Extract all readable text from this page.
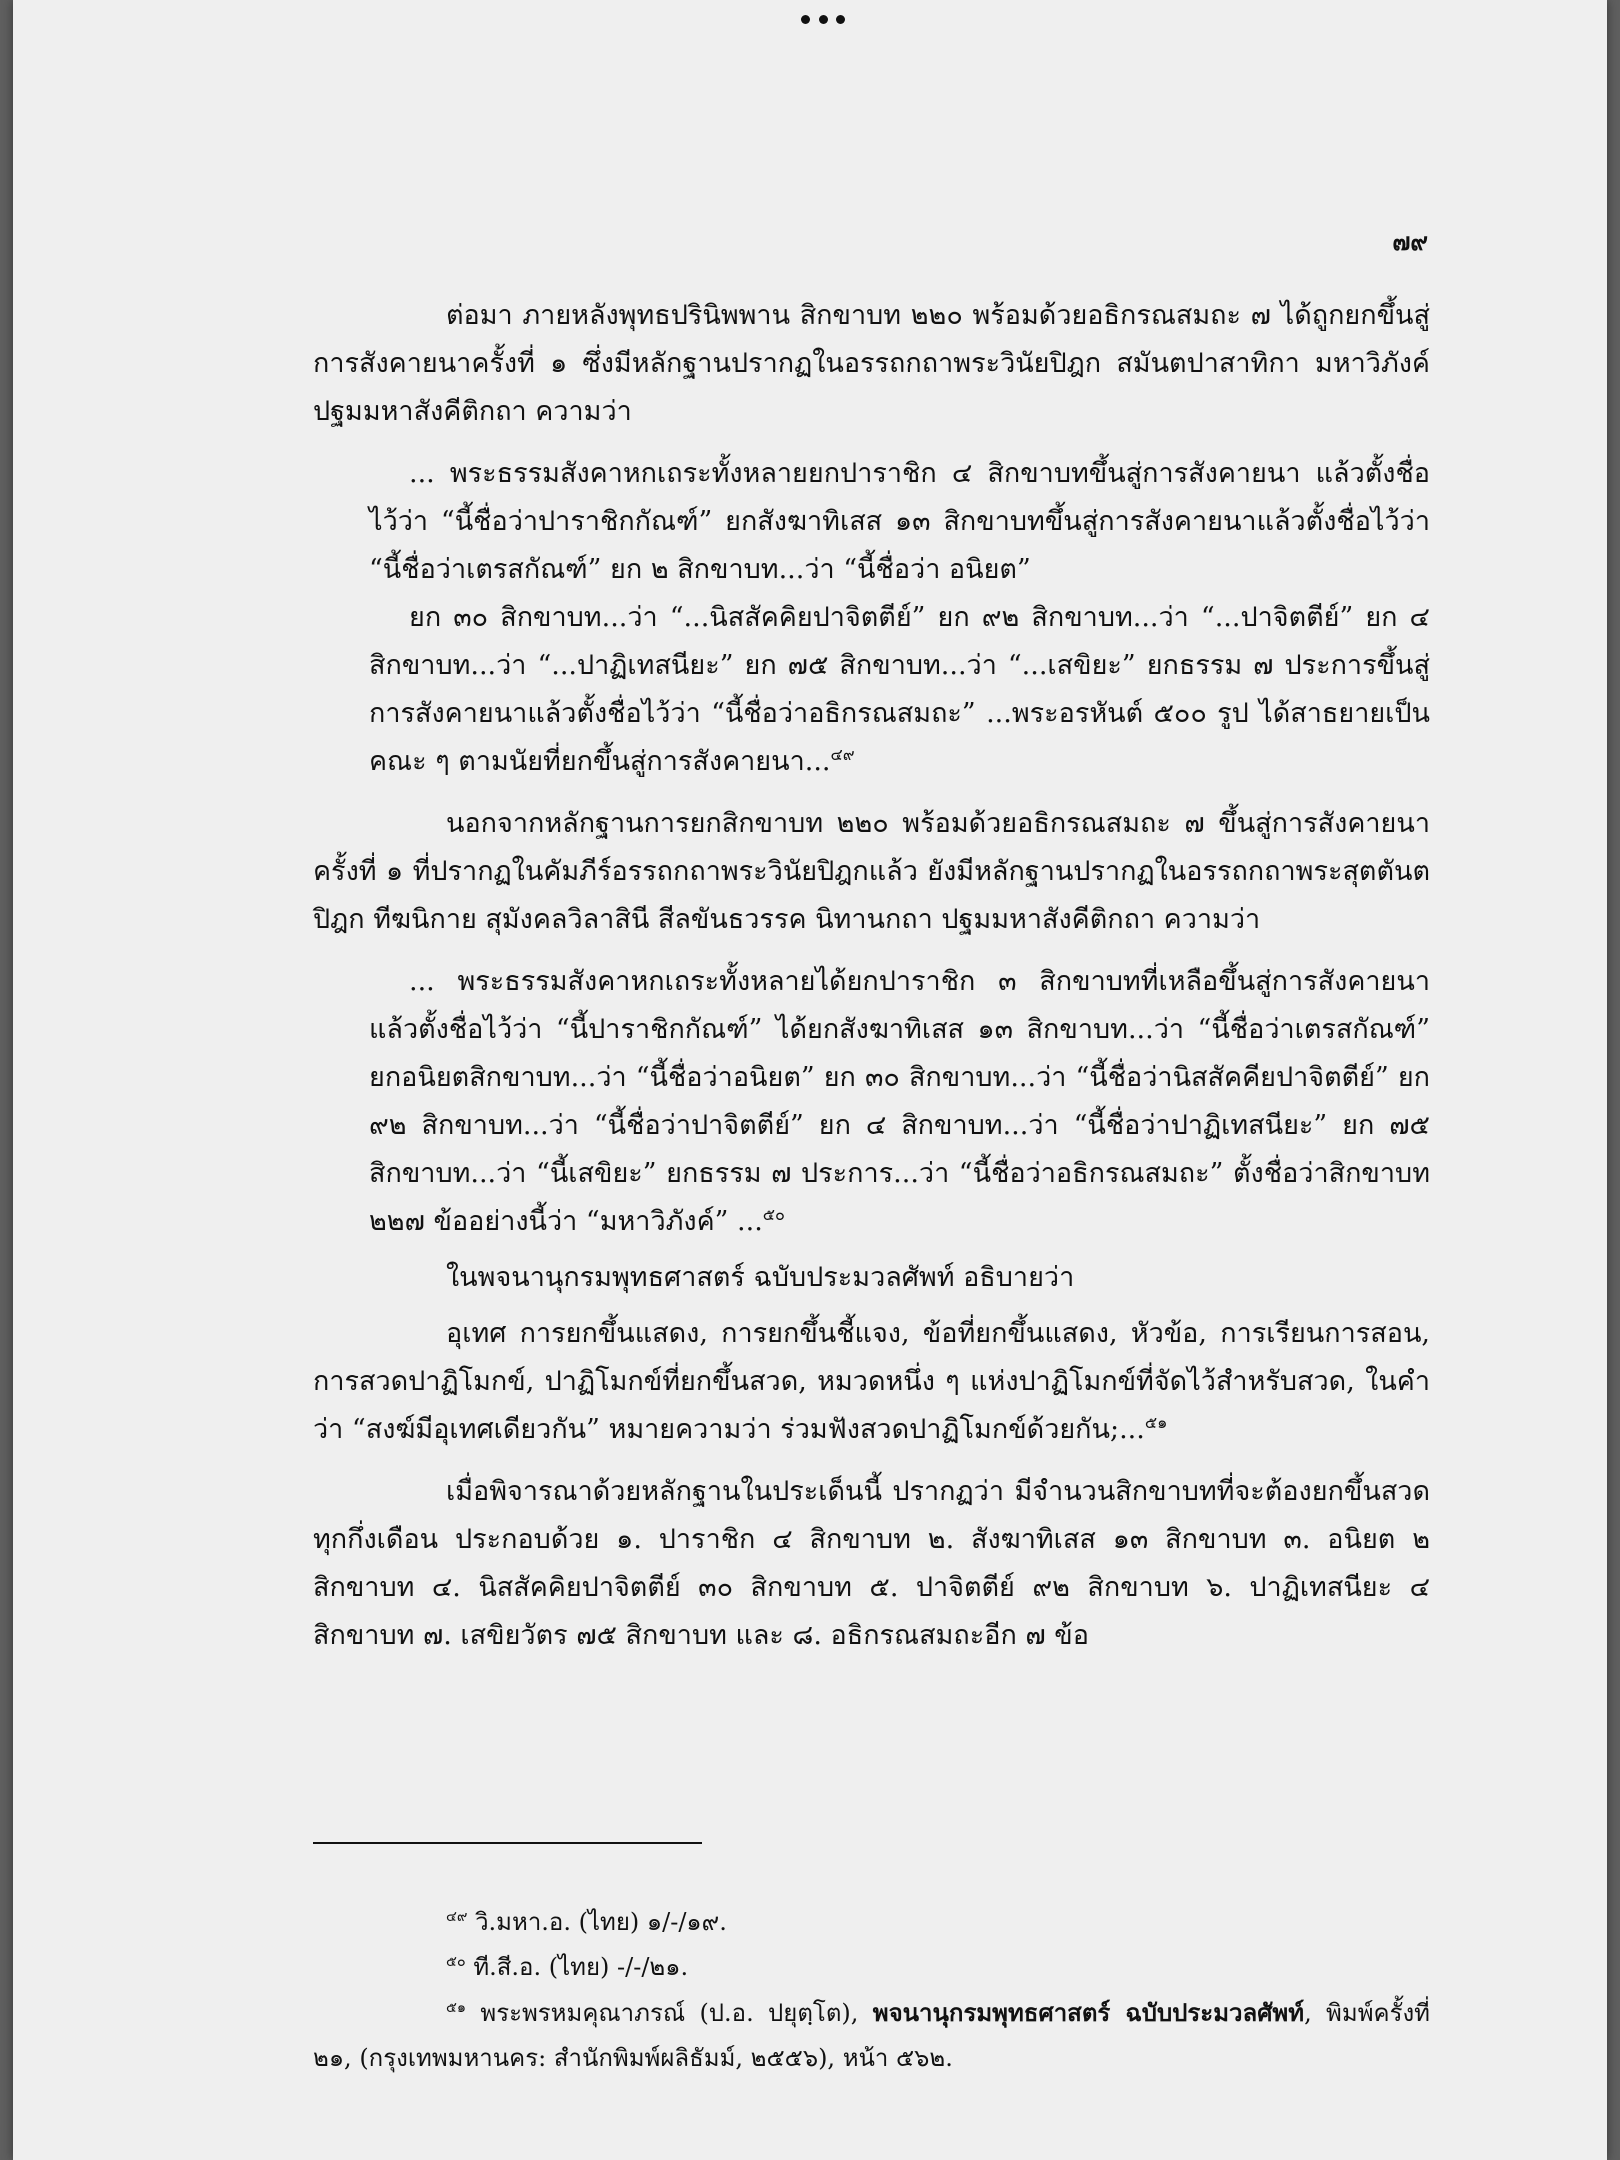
๗๙

ต่อมา ภายหลังพุทธปรินิพพาน สิกขาบท ๒๒๐ พร้อมด้วยอธิกรณสมถะ ๗ ได้ถูกยกขึ้นสู่การสังคายนาครั้งที่ ๑ ซึ่งมีหลักฐานปรากฏในอรรถกถาพระวินัยปิฎก สมันตปาสาทิกา มหาวิภังค์ ปฐมมหาสังคีติกถา ความว่า

... พระธรรมสังคาหกเถระทั้งหลายยกปาราชิก ๔ สิกขาบทขึ้นสู่การสังคายนา แล้วตั้งชื่อไว้ว่า “นี้ชื่อว่าปาราชิกกัณฑ์” ยกสังฆาทิเสส ๑๓ สิกขาบทขึ้นสู่การสังคายนาแล้วตั้งชื่อไว้ว่า “นี้ชื่อว่าเตรสกัณฑ์” ยก ๒ สิกขาบท...ว่า “นี้ชื่อว่า อนิยต”

ยก ๓๐ สิกขาบท...ว่า “...นิสสัคคิยปาจิตตีย์” ยก ๙๒ สิกขาบท...ว่า “...ปาจิตตีย์” ยก ๔ สิกขาบท...ว่า “...ปาฏิเทสนียะ” ยก ๗๕ สิกขาบท...ว่า “...เสขิยะ” ยกธรรม ๗ ประการขึ้นสู่การสังคายนาแล้วตั้งชื่อไว้ว่า “นี้ชื่อว่าอธิกรณสมถะ” ...พระอรหันต์ ๕๐๐ รูป ได้สาธยายเป็นคณะ ๆ ตามนัยที่ยกขึ้นสู่การสังคายนา...$^{๔๙}$

นอกจากหลักฐานการยกสิกขาบท ๒๒๐ พร้อมด้วยอธิกรณสมถะ ๗ ขึ้นสู่การสังคายนาครั้งที่ ๑ ที่ปรากฏในคัมภีร์อรรถกถาพระวินัยปิฎกแล้ว ยังมีหลักฐานปรากฏในอรรถกถาพระสุตตันตปิฎก ทีฆนิกาย สุมังคลวิลาสินี สีลขันธวรรค นิทานกถา ปฐมมหาสังคีติกถา ความว่า

... พระธรรมสังคาหกเถระทั้งหลายได้ยกปาราชิก ๓ สิกขาบทที่เหลือขึ้นสู่การสังคายนาแล้วตั้งชื่อไว้ว่า “นี้ปาราชิกกัณฑ์” ได้ยกสังฆาทิเสส ๑๓ สิกขาบท...ว่า “นี้ชื่อว่าเตรสกัณฑ์” ยกอนิยตสิกขาบท...ว่า “นี้ชื่อว่าอนิยต” ยก ๓๐ สิกขาบท...ว่า “นี้ชื่อว่านิสสัคคียปาจิตตีย์” ยก ๙๒ สิกขาบท...ว่า “นี้ชื่อว่าปาจิตตีย์” ยก ๔ สิกขาบท...ว่า “นี้ชื่อว่าปาฏิเทสนียะ” ยก ๗๕ สิกขาบท...ว่า “นี้เสขิยะ” ยกธรรม ๗ ประการ...ว่า “นี้ชื่อว่าอธิกรณสมถะ” ตั้งชื่อว่าสิกขาบท ๒๒๗ ข้ออย่างนี้ว่า “มหาวิภังค์” ...$^{๕๐}$

ในพจนานุกรมพุทธศาสตร์ ฉบับประมวลศัพท์ อธิบายว่า

อุเทศ การยกขึ้นแสดง, การยกขึ้นชี้แจง, ข้อที่ยกขึ้นแสดง, หัวข้อ, การเรียนการสอน, การสวดปาฏิโมกข์, ปาฏิโมกข์ที่ยกขึ้นสวด, หมวดหนึ่ง ๆ แห่งปาฏิโมกข์ที่จัดไว้สำหรับสวด, ในคำว่า “สงฆ์มีอุเทศเดียวกัน” หมายความว่า ร่วมฟังสวดปาฏิโมกข์ด้วยกัน;...$^{๕๑}$

เมื่อพิจารณาด้วยหลักฐานในประเด็นนี้ ปรากฏว่า มีจำนวนสิกขาบทที่จะต้องยกขึ้นสวดทุกกึ่งเดือน ประกอบด้วย ๑. ปาราชิก ๔ สิกขาบท ๒. สังฆาทิเสส ๑๓ สิกขาบท ๓. อนิยต ๒ สิกขาบท ๔. นิสสัคคิยปาจิตตีย์ ๓๐ สิกขาบท ๕. ปาจิตตีย์ ๙๒ สิกขาบท ๖. ปาฏิเทสนียะ ๔ สิกขาบท ๗. เสขิยวัตร ๗๕ สิกขาบท และ ๘. อธิกรณสมถะอีก ๗ ข้อ

$^{๔๙}$ วิ.มหา.อ. (ไทย) ๑/-/๑๙.

$^{๕๐}$ ที.สี.อ. (ไทย) -/-/๒๑.

$^{๕๑}$ พระพรหมคุณาภรณ์ (ป.อ. ปยุตฺโต), พจนานุกรมพุทธศาสตร์ ฉบับประมวลศัพท์, พิมพ์ครั้งที่ ๒๑, (กรุงเทพมหานคร: สำนักพิมพ์ผลิธัมม์, ๒๕๕๖), หน้า ๕๖๒.
